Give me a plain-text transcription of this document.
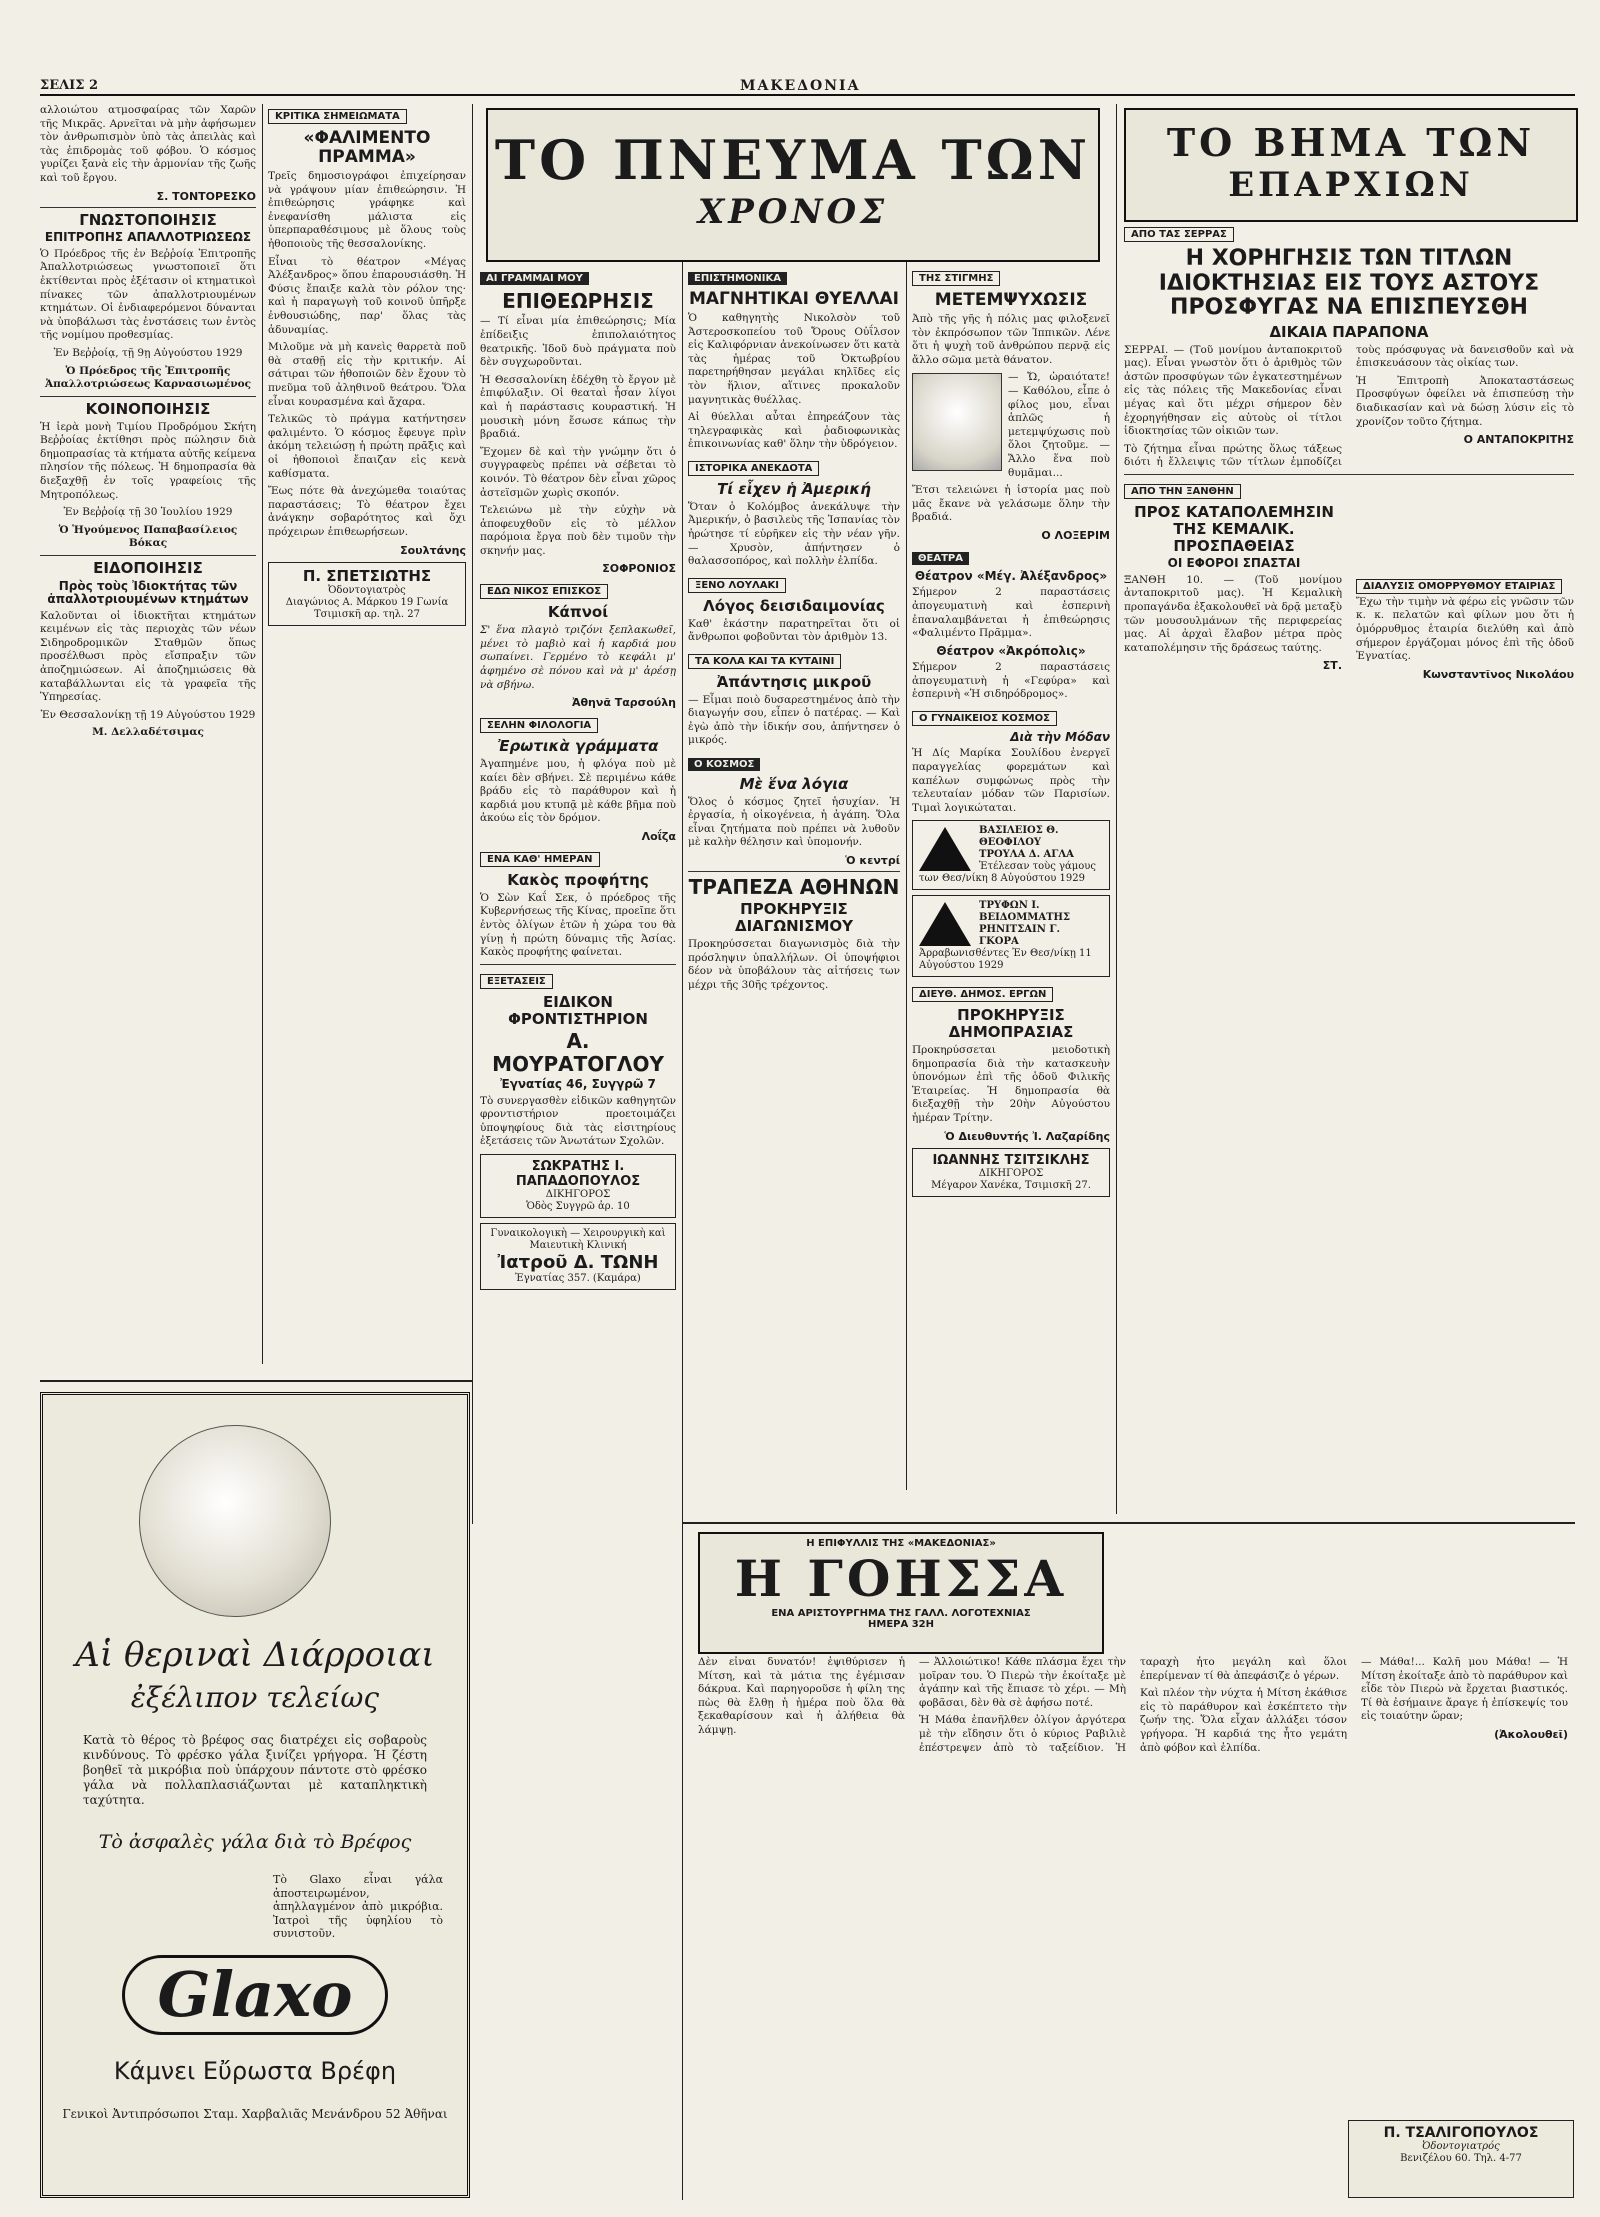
ΣΕΛΙΣ 2	ΜΑΚΕΔΟΝΙΑ

αλλοιώτου ατμοσφαίρας τῶν Χαρῶν τῆς Μικρᾶς. Αρνεῖται νὰ μὴν ἀφήσωμεν τὸν ἀνθρωπισμὸν ὑπὸ τὰς ἀπειλὰς καὶ τὰς ἐπιδρομὰς τοῦ φόβου. Ὁ κόσμος γυρίζει ξανὰ εἰς τὴν ἁρμονίαν τῆς ζωῆς καὶ τοῦ ἔργου.

Σ. ΤΟΝΤΟΡΕΣΚΟ
ΓΝΩΣΤΟΠΟΙΗΣΙΣ
ΕΠΙΤΡΟΠΗΣ ΑΠΑΛΛΟΤΡΙΩΣΕΩΣ

Ὁ Πρόεδρος τῆς ἐν Βεῤῥοίᾳ Ἐπιτροπῆς Ἀπαλλοτριώσεως γνωστοποιεῖ ὅτι ἐκτίθενται πρὸς ἐξέτασιν οἱ κτηματικοὶ πίνακες τῶν ἀπαλλοτριουμένων κτημάτων. Οἱ ἐνδιαφερόμενοι δύνανται νὰ ὑποβάλωσι τὰς ἐνστάσεις των ἐντὸς τῆς νομίμου προθεσμίας.

Ἐν Βεῤῥοίᾳ, τῇ 9ῃ Αὐγούστου 1929

Ὁ Πρόεδρος τῆς Ἐπιτροπῆς Ἀπαλλοτριώσεως Καρνασιωμένος

ΚΟΙΝΟΠΟΙΗΣΙΣ

Ἡ ἱερὰ μονὴ Τιμίου Προδρόμου Σκήτη Βεῤῥοίας ἐκτίθησι πρὸς πώλησιν διὰ δημοπρασίας τὰ κτήματα αὐτῆς κείμενα πλησίον τῆς πόλεως. Ἡ δημοπρασία θὰ διεξαχθῇ ἐν τοῖς γραφείοις τῆς Μητροπόλεως.

Ἐν Βεῤῥοίᾳ τῇ 30 Ἰουλίου 1929

Ὁ Ἡγούμενος Παπαβασίλειος Βόκας

ΕΙΔΟΠΟΙΗΣΙΣ
Πρὸς τοὺς Ἰδιοκτήτας τῶν ἀπαλλοτριουμένων κτημάτων

Καλοῦνται οἱ ἰδιοκτῆται κτημάτων κειμένων εἰς τὰς περιοχὰς τῶν νέων Σιδηροδρομικῶν Σταθμῶν ὅπως προσέλθωσι πρὸς εἴσπραξιν τῶν ἀποζημιώσεων. Αἱ ἀποζημιώσεις θὰ καταβάλλωνται εἰς τὰ γραφεῖα τῆς Ὑπηρεσίας.

Ἐν Θεσσαλονίκῃ τῇ 19 Αὐγούστου 1929

Μ. Δελλαδέτσιμας

ΚΡΙΤΙΚΑ ΣΗΜΕΙΩΜΑΤΑ
«ΦΑΛΙΜΕΝΤΟ ΠΡΑΜΜΑ»

Τρεῖς δημοσιογράφοι ἐπιχείρησαν νὰ γράψουν μίαν ἐπιθεώρησιν. Ἡ ἐπιθεώρησις γράφηκε καὶ ἐνεφανίσθη μάλιστα εἰς ὑπερπαραθέσιμους μὲ ὅλους τοὺς ἠθοποιοὺς τῆς θεσσαλονίκης.

Εἶναι τὸ θέατρον «Μέγας Ἀλέξανδρος» ὅπου ἐπαρουσιάσθη. Ἡ Φύσις ἔπαιξε καλὰ τὸν ρόλον της· καὶ ἡ παραγωγὴ τοῦ κοινοῦ ὑπῆρξε ἐνθουσιώδης, παρ' ὅλας τὰς ἀδυναμίας.

Μιλοῦμε νὰ μὴ κανεὶς θαρρετὰ ποῦ θὰ σταθῇ εἰς τὴν κριτικήν. Αἱ σάτιραι τῶν ἠθοποιῶν δὲν ἔχουν τὸ πνεῦμα τοῦ ἀληθινοῦ θεάτρου. Ὅλα εἶναι κουρασμένα καὶ ἄχαρα.

Τελικῶς τὸ πράγμα κατήντησεν φαλιμέντο. Ὁ κόσμος ἔφευγε πρὶν ἀκόμη τελειώσῃ ἡ πρώτη πρᾶξις καὶ οἱ ἠθοποιοὶ ἔπαιζαν εἰς κενὰ καθίσματα.

Ἔως πότε θὰ ἀνεχώμεθα τοιαύτας παραστάσεις; Τὸ θέατρον ἔχει ἀνάγκην σοβαρότητος καὶ ὄχι πρόχειρων ἐπιθεωρήσεων.

Σουλτάνης
Π. ΣΠΕΤΣΙΩΤΗΣ
Ὀδοντογιατρὸς
Διαγώνιος Α. Μάρκου 19 Γωνία Τσιμισκῆ αρ. τηλ. 27
Αἱ θεριναὶ Διάρροιαι
ἐξέλιπον τελείως

Κατὰ τὸ θέρος τὸ βρέφος σας διατρέχει εἰς σοβαροὺς κινδύνους. Τὸ φρέσκο γάλα ξινίζει γρήγορα. Ἡ ζέστη βοηθεῖ τὰ μικρόβια ποὺ ὑπάρχουν πάντοτε στὸ φρέσκο γάλα νὰ πολλαπλασιάζωνται μὲ καταπληκτικὴ ταχύτητα.

Τὸ ἀσφαλὲς γάλα διὰ τὸ Βρέφος

Τὸ Glaxo εἶναι γάλα ἀποστειρωμένον, ἀπηλλαγμένον ἀπὸ μικρόβια. Ἰατροὶ τῆς ὑφηλίου τὸ συνιστοῦν.

Glaxo
Κάμνει Εὔρωστα Βρέφη
Γενικοὶ Ἀντιπρόσωποι Σταμ. Χαρβαλιᾶς Μενάνδρου 52 Ἀθῆναι
ΤΟ ΠΝΕΥΜΑ ΤΩΝ
ΧΡΟΝΟΣ
ΑΙ ΓΡΑΜΜΑΙ ΜΟΥ
ΕΠΙΘΕΩΡΗΣΙΣ

— Τί εἶναι μία ἐπιθεώρησις; Μία ἐπίδειξις ἐπιπολαιότητος θεατρικῆς. Ἰδοῦ δυὸ πράγματα ποὺ δὲν συγχωροῦνται.

Ἡ Θεσσαλονίκη ἐδέχθη τὸ ἔργον μὲ ἐπιφύλαξιν. Οἱ θεαταὶ ἦσαν λίγοι καὶ ἡ παράστασις κουραστική. Ἡ μουσικὴ μόνη ἔσωσε κάπως τὴν βραδιά.

Ἔχομεν δὲ καὶ τὴν γνώμην ὅτι ὁ συγγραφεὺς πρέπει νὰ σέβεται τὸ κοινόν. Τὸ θέατρον δὲν εἶναι χῶρος ἀστεϊσμῶν χωρὶς σκοπόν.

Τελειώνω μὲ τὴν εὐχὴν νὰ ἀποφευχθοῦν εἰς τὸ μέλλον παρόμοια ἔργα ποὺ δὲν τιμοῦν τὴν σκηνήν μας.

ΣΟΦΡΟΝΙΟΣ
ΕΔΩ ΝΙΚΟΣ ΕΠΙΣΚΟΣ
Κάπνοί

Σ' ἕνα πλαγιὸ τριζόνι ξεπλακωθεῖ, μένει τὸ μαβιὸ καὶ ἡ καρδιά μου σωπαίνει. Γερμένο τὸ κεφάλι μ' ἀφημένο σὲ πόνου καὶ νὰ μ' ἀρέσῃ νὰ σβήνω.

Ἀθηνᾶ Ταρσούλη
ΣΕΛΗΝ ΦΙΛΟΛΟΓΙΑ
Ἐρωτικὰ γράμματα

Ἀγαπημένε μου, ἡ φλόγα ποὺ μὲ καίει δὲν σβήνει. Σὲ περιμένω κάθε βράδυ εἰς τὸ παράθυρον καὶ ἡ καρδιά μου κτυπᾷ μὲ κάθε βῆμα ποὺ ἀκούω εἰς τὸν δρόμον.

Λοΐζα
ΕΝΑ ΚΑΘ' ΗΜΕΡΑΝ
Κακὸς προφήτης

Ὁ Σὼν Καΐ Σεκ, ὁ πρόεδρος τῆς Κυβερνήσεως τῆς Κίνας, προεῖπε ὅτι ἐντὸς ὀλίγων ἐτῶν ἡ χώρα του θὰ γίνῃ ἡ πρώτη δύναμις τῆς Ἀσίας. Κακὸς προφήτης φαίνεται.

ΕΞΕΤΑΣΕΙΣ
ΕΙΔΙΚΟΝ ΦΡΟΝΤΙΣΤΗΡΙΟΝ
Α. ΜΟΥΡΑΤΟΓΛΟΥ
Ἐγνατίας 46, Συγγρῶ 7

Τὸ συνεργασθὲν εἰδικῶν καθηγητῶν φροντιστήριον προετοιμάζει ὑποψηφίους διὰ τὰς εἰσιτηρίους ἐξετάσεις τῶν Ἀνωτάτων Σχολῶν.

ΣΩΚΡΑΤΗΣ Ι. ΠΑΠΑΔΟΠΟΥΛΟΣ
ΔΙΚΗΓΟΡΟΣ
Ὁδὸς Συγγρῶ ἀρ. 10
Γυναικολογικὴ — Χειρουργικὴ καὶ Μαιευτικὴ Κλινική
Ἰατροῦ Δ. ΤΩΝΗ
Ἐγνατίας 357. (Καμάρα)
ΕΠΙΣΤΗΜΟΝΙΚΑ
ΜΑΓΝΗΤΙΚΑΙ ΘΥΕΛΛΑΙ

Ὁ καθηγητὴς Νικολσὸν τοῦ Ἀστεροσκοπείου τοῦ Ὄρους Οὐΐλσον εἰς Καλιφόρνιαν ἀνεκοίνωσεν ὅτι κατὰ τὰς ἡμέρας τοῦ Ὀκτωβρίου παρετηρήθησαν μεγάλαι κηλῖδες εἰς τὸν ἥλιον, αἵτινες προκαλοῦν μαγνητικὰς θυέλλας.

Αἱ θύελλαι αὗται ἐπηρεάζουν τὰς τηλεγραφικὰς καὶ ῥαδιοφωνικὰς ἐπικοινωνίας καθ' ὅλην τὴν ὑδρόγειον.

ΙΣΤΟΡΙΚΑ ΑΝΕΚΔΟΤΑ
Τί εἶχεν ἡ Ἀμερική

Ὅταν ὁ Κολόμβος ἀνεκάλυψε τὴν Ἀμερικήν, ὁ βασιλεὺς τῆς Ἱσπανίας τὸν ἠρώτησε τί εὑρῆκεν εἰς τὴν νέαν γῆν. — Χρυσὸν, ἀπήντησεν ὁ θαλασσοπόρος, καὶ πολλὴν ἐλπίδα.

ΞΕΝΟ ΛΟΥΛΑΚΙ
Λόγος δεισιδαιμονίας

Καθ' ἑκάστην παρατηρεῖται ὅτι οἱ ἄνθρωποι φοβοῦνται τὸν ἀριθμὸν 13.

ΤΑ ΚΟΛΑ ΚΑΙ ΤΑ ΚΥΤΑΙΝΙ
Ἀπάντησις μικροῦ

— Εἶμαι ποιὸ δυσαρεστημένος ἀπὸ τὴν διαγωγήν σου, εἶπεν ὁ πατέρας. — Καὶ ἐγὼ ἀπὸ τὴν ἰδικήν σου, ἀπήντησεν ὁ μικρός.

Ο ΚΟΣΜΟΣ
Μὲ ἕνα λόγια

Ὅλος ὁ κόσμος ζητεῖ ἡσυχίαν. Ἡ ἐργασία, ἡ οἰκογένεια, ἡ ἀγάπη. Ὅλα εἶναι ζητήματα ποὺ πρέπει νὰ λυθοῦν μὲ καλὴν θέλησιν καὶ ὑπομονήν.

Ὁ κεντρί
ΤΡΑΠΕΖΑ ΑΘΗΝΩΝ
ΠΡΟΚΗΡΥΞΙΣ ΔΙΑΓΩΝΙΣΜΟΥ

Προκηρύσσεται διαγωνισμὸς διὰ τὴν πρόσληψιν ὑπαλλήλων. Οἱ ὑποψήφιοι δέον νὰ ὑποβάλουν τὰς αἰτήσεις των μέχρι τῆς 30ῆς τρέχοντος.

ΤΗΣ ΣΤΙΓΜΗΣ
ΜΕΤΕΜΨΥΧΩΣΙΣ

Ἀπὸ τῆς γῆς ἡ πόλις μας φιλοξενεῖ τὸν ἐκπρόσωπον τῶν Ἰππικῶν. Λένε ὅτι ἡ ψυχὴ τοῦ ἀνθρώπου περνᾷ εἰς ἄλλο σῶμα μετὰ θάνατον.

— Ὤ, ὡραιότατε! — Καθόλου, εἶπε ὁ φίλος μου, εἶναι ἁπλῶς ἡ μετεμψύχωσις ποὺ ὅλοι ζητοῦμε. — Ἄλλο ἕνα ποὺ θυμᾶμαι...

Ἔτσι τελειώνει ἡ ἱστορία μας ποὺ μᾶς ἔκανε νὰ γελάσωμε ὅλην τὴν βραδιά.

Ο ΛΟΞΕΡΙΜ
ΘΕΑΤΡΑ
Θέατρον «Μέγ. Ἀλέξανδρος»

Σήμερον 2 παραστάσεις ἀπογευματινὴ καὶ ἑσπερινὴ ἐπαναλαμβάνεται ἡ ἐπιθεώρησις «Φαλιμέντο Πρᾶμμα».

Θέατρον «Ἀκρόπολις»

Σήμερον 2 παραστάσεις ἀπογευματινὴ ἡ «Γεφύρα» καὶ ἑσπερινὴ «Ἡ σιδηρόδρομος».

Ο ΓΥΝΑΙΚΕΙΟΣ ΚΟΣΜΟΣ
Διὰ τὴν Μόδαν

Ἡ Δίς Μαρίκα Σουλίδου ἐνεργεῖ παραγγελίας φορεμάτων καὶ καπέλων συμφώνως πρὸς τὴν τελευταίαν μόδαν τῶν Παρισίων. Τιμαὶ λογικώταται.

ΒΑΣΙΛΕΙΟΣ Θ. ΘΕΟΦΙΛΟΥ
ΤΡΟΥΛΑ Δ. ΑΓΛΑ
Ἐτέλεσαν τοὺς γάμους των Θεσ/νίκη 8 Αὐγούστου 1929
ΤΡΥΦΩΝ Ι. ΒΕΙΔΟΜΜΑΤΗΣ
ΡΗΝΙΤΣΑΙΝ Γ. ΓΚΟΡΑ
Ἀρραβωνισθέντες Ἐν Θεσ/νίκῃ 11 Αὐγούστου 1929
ΔΙΕΥΘ. ΔΗΜΟΣ. ΕΡΓΩΝ
ΠΡΟΚΗΡΥΞΙΣ ΔΗΜΟΠΡΑΣΙΑΣ

Προκηρύσσεται μειοδοτικὴ δημοπρασία διὰ τὴν κατασκευὴν ὑπονόμων ἐπὶ τῆς ὁδοῦ Φιλικῆς Ἑταιρείας. Ἡ δημοπρασία θὰ διεξαχθῇ τὴν 20ὴν Αὐγούστου ἡμέραν Τρίτην.

Ὁ Διευθυντής Ἰ. Λαζαρίδης
ΙΩΑΝΝΗΣ ΤΣΙΤΣΙΚΛΗΣ
ΔΙΚΗΓΟΡΟΣ
Μέγαρον Χανέκα, Τσιμισκῆ 27.
ΤΟ ΒΗΜΑ ΤΩΝ
ΕΠΑΡΧΙΩΝ
ΑΠΟ ΤΑΣ ΣΕΡΡΑΣ
Η ΧΟΡΗΓΗΣΙΣ ΤΩΝ ΤΙΤΛΩΝ ΙΔΙΟΚΤΗΣΙΑΣ ΕΙΣ ΤΟΥΣ ΑΣΤΟΥΣ ΠΡΟΣΦΥΓΑΣ ΝΑ ΕΠΙΣΠΕΥΣΘΗ
ΔΙΚΑΙΑ ΠΑΡΑΠΟΝΑ

ΣΕΡΡΑΙ. — (Τοῦ μονίμου ἀνταποκριτοῦ μας). Εἶναι γνωστὸν ὅτι ὁ ἀριθμὸς τῶν ἀστῶν προσφύγων τῶν ἐγκατεστημένων εἰς τὰς πόλεις τῆς Μακεδονίας εἶναι μέγας καὶ ὅτι μέχρι σήμερον δὲν ἐχορηγήθησαν εἰς αὐτοὺς οἱ τίτλοι ἰδιοκτησίας τῶν οἰκιῶν των.

Τὸ ζήτημα εἶναι πρώτης ὅλως τάξεως διότι ἡ ἔλλειψις τῶν τίτλων ἐμποδίζει τοὺς πρόσφυγας νὰ δανεισθοῦν καὶ νὰ ἐπισκευάσουν τὰς οἰκίας των.

Ἡ Ἐπιτροπὴ Ἀποκαταστάσεως Προσφύγων ὀφείλει νὰ ἐπισπεύσῃ τὴν διαδικασίαν καὶ νὰ δώσῃ λύσιν εἰς τὸ χρονίζον τοῦτο ζήτημα.

Ο ΑΝΤΑΠΟΚΡΙΤΗΣ
ΑΠΟ ΤΗΝ ΞΑΝΘΗΝ
ΠΡΟΣ ΚΑΤΑΠΟΛΕΜΗΣΙΝ ΤΗΣ ΚΕΜΑΛΙΚ. ΠΡΟΣΠΑΘΕΙΑΣ
ΟΙ ΕΦΟΡΟΙ ΣΠΑΣΤΑΙ

ΞΑΝΘΗ 10. — (Τοῦ μονίμου ἀνταποκριτοῦ μας). Ἡ Κεμαλικὴ προπαγάνδα ἐξακολουθεῖ νὰ δρᾷ μεταξὺ τῶν μουσουλμάνων τῆς περιφερείας μας. Αἱ ἀρχαὶ ἔλαβον μέτρα πρὸς καταπολέμησιν τῆς δράσεως ταύτης.

ΣΤ.
ΔΙΑΛΥΣΙΣ ΟΜΟΡΡΥΘΜΟΥ ΕΤΑΙΡΙΑΣ

Ἔχω τὴν τιμὴν νὰ φέρω εἰς γνῶσιν τῶν κ. κ. πελατῶν καὶ φίλων μου ὅτι ἡ ὁμόρρυθμος ἑταιρία διελύθη καὶ ἀπὸ σήμερον ἐργάζομαι μόνος ἐπὶ τῆς ὁδοῦ Ἐγνατίας.

Κωνσταντῖνος Νικολάου
Η ΕΠΙΦΥΛΛΙΣ ΤΗΣ «ΜΑΚΕΔΟΝΙΑΣ»
Η ΓΟΗΣΣΑ
ΕΝΑ ΑΡΙΣΤΟΥΡΓΗΜΑ ΤΗΣ ΓΑΛΛ. ΛΟΓΟΤΕΧΝΙΑΣ
ΗΜΕΡΑ 32Η

Δὲν εἶναι δυνατόν! ἐψιθύρισεν ἡ Μίτση, καὶ τὰ μάτια της ἐγέμισαν δάκρυα. Καὶ παρηγοροῦσε ἡ φίλη της πὼς θὰ ἔλθῃ ἡ ἡμέρα ποὺ ὅλα θὰ ξεκαθαρίσουν καὶ ἡ ἀλήθεια θὰ λάμψῃ.

— Ἀλλοιώτικο! Κάθε πλάσμα ἔχει τὴν μοῖραν του. Ὁ Πιερὼ τὴν ἐκοίταξε μὲ ἀγάπην καὶ τῆς ἔπιασε τὸ χέρι. — Μὴ φοβᾶσαι, δὲν θὰ σὲ ἀφήσω ποτέ.

Ἡ Μάθα ἐπανῆλθεν ὀλίγον ἀργότερα μὲ τὴν εἴδησιν ὅτι ὁ κύριος Ραβιλιὲ ἐπέστρεψεν ἀπὸ τὸ ταξείδιον. Ἡ ταραχὴ ἦτο μεγάλη καὶ ὅλοι ἐπερίμεναν τί θὰ ἀπεφάσιζε ὁ γέρων.

Καὶ πλέον τὴν νύχτα ἡ Μίτση ἐκάθισε εἰς τὸ παράθυρον καὶ ἐσκέπτετο τὴν ζωήν της. Ὅλα εἶχαν ἀλλάξει τόσον γρήγορα. Ἡ καρδιά της ἦτο γεμάτη ἀπὸ φόβον καὶ ἐλπίδα.

— Μάθα!... Καλῆ μου Μάθα! — Ἡ Μίτση ἐκοίταξε ἀπὸ τὸ παράθυρον καὶ εἶδε τὸν Πιερὼ νὰ ἔρχεται βιαστικός. Τί θὰ ἐσήμαινε ἄραγε ἡ ἐπίσκεψίς του εἰς τοιαύτην ὥραν;

(Ἀκολουθεῖ)
Π. ΤΣΑΛΙΓΟΠΟΥΛΟΣ
Ὀδοντογιατρός
Βενιζέλου 60. Τηλ. 4-77
